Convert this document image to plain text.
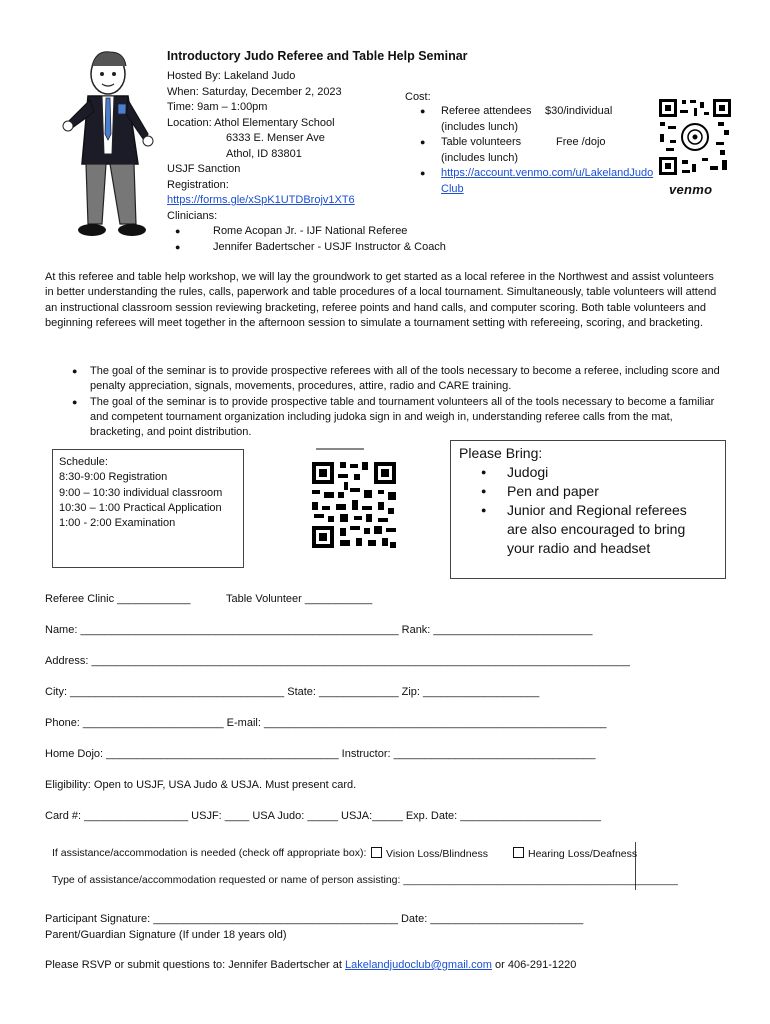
Introductory Judo Referee and Table Help Seminar
Hosted By: Lakeland Judo
When: Saturday, December 2, 2023
Time: 9am – 1:00pm
Location: Athol Elementary School
6333 E. Menser Ave
Athol, ID 83801
USJF Sanction
Registration:
https://forms.gle/xSpK1UTDBrojv1XT6
Clinicians:
● Rome Acopan Jr. - IJF National Referee
● Jennifer Badertscher - USJF Instructor & Coach
Cost:
● Referee attendees $30/individual
(includes lunch)
● Table volunteers	Free /dojo
(includes lunch)
● https://account.venmo.com/u/LakelandJudo
Club	venmo
At this referee and table help workshop, we will lay the groundwork to get started as a local referee in the Northwest and assist volunteers in better understanding the rules, calls, paperwork and table procedures of a local tournament. Simultaneously, table volunteers will attend an instructional classroom session reviewing bracketing, referee points and hand calls, and computer scoring. Both table volunteers and beginning referees will meet together in the afternoon session to simulate a tournament setting with refereeing, scoring, and bracketing.
● The goal of the seminar is to provide prospective referees with all of the tools necessary to become a referee, including score and penalty appreciation, signals, movements, procedures, attire, radio and CARE training.
● The goal of the seminar is to provide prospective table and tournament volunteers all of the tools necessary to become a familiar and competent tournament organization including judoka sign in and weigh in, understanding referee calls from the mat, bracketing, and point distribution.
Schedule:
8:30-9:00 Registration
9:00 – 10:30 individual classroom
10:30 – 1:00 Practical Application
1:00 - 2:00 Examination
Please Bring:
● Judogi
● Pen and paper
● Junior and Regional referees
are also encouraged to bring
your radio and headset
Referee Clinic ____________	Table Volunteer ___________
Name: ____________________________________________________ Rank: __________________________
Address: ________________________________________________________________________________________
City: ___________________________________ State: _____________ Zip: ___________________
Phone: _______________________ E-mail: ________________________________________________________
Home Dojo: ______________________________________ Instructor: _________________________________
Eligibility: Open to USJF, USA Judo & USJA. Must present card.
Card #: _________________ USJF: ____ USA Judo: _____ USJA:_____ Exp. Date: _______________________
If assistance/accommodation is needed (check off appropriate box):	Vision Loss/Blindness	Hearing Loss/Deafness
Type of assistance/accommodation requested or name of person assisting: _______________________________________________
Participant Signature: ________________________________________ Date: _________________________
Parent/Guardian Signature (If under 18 years old)
Please RSVP or submit questions to: Jennifer Badertscher at Lakelandjudoclub@gmail.com or 406-291-1220
